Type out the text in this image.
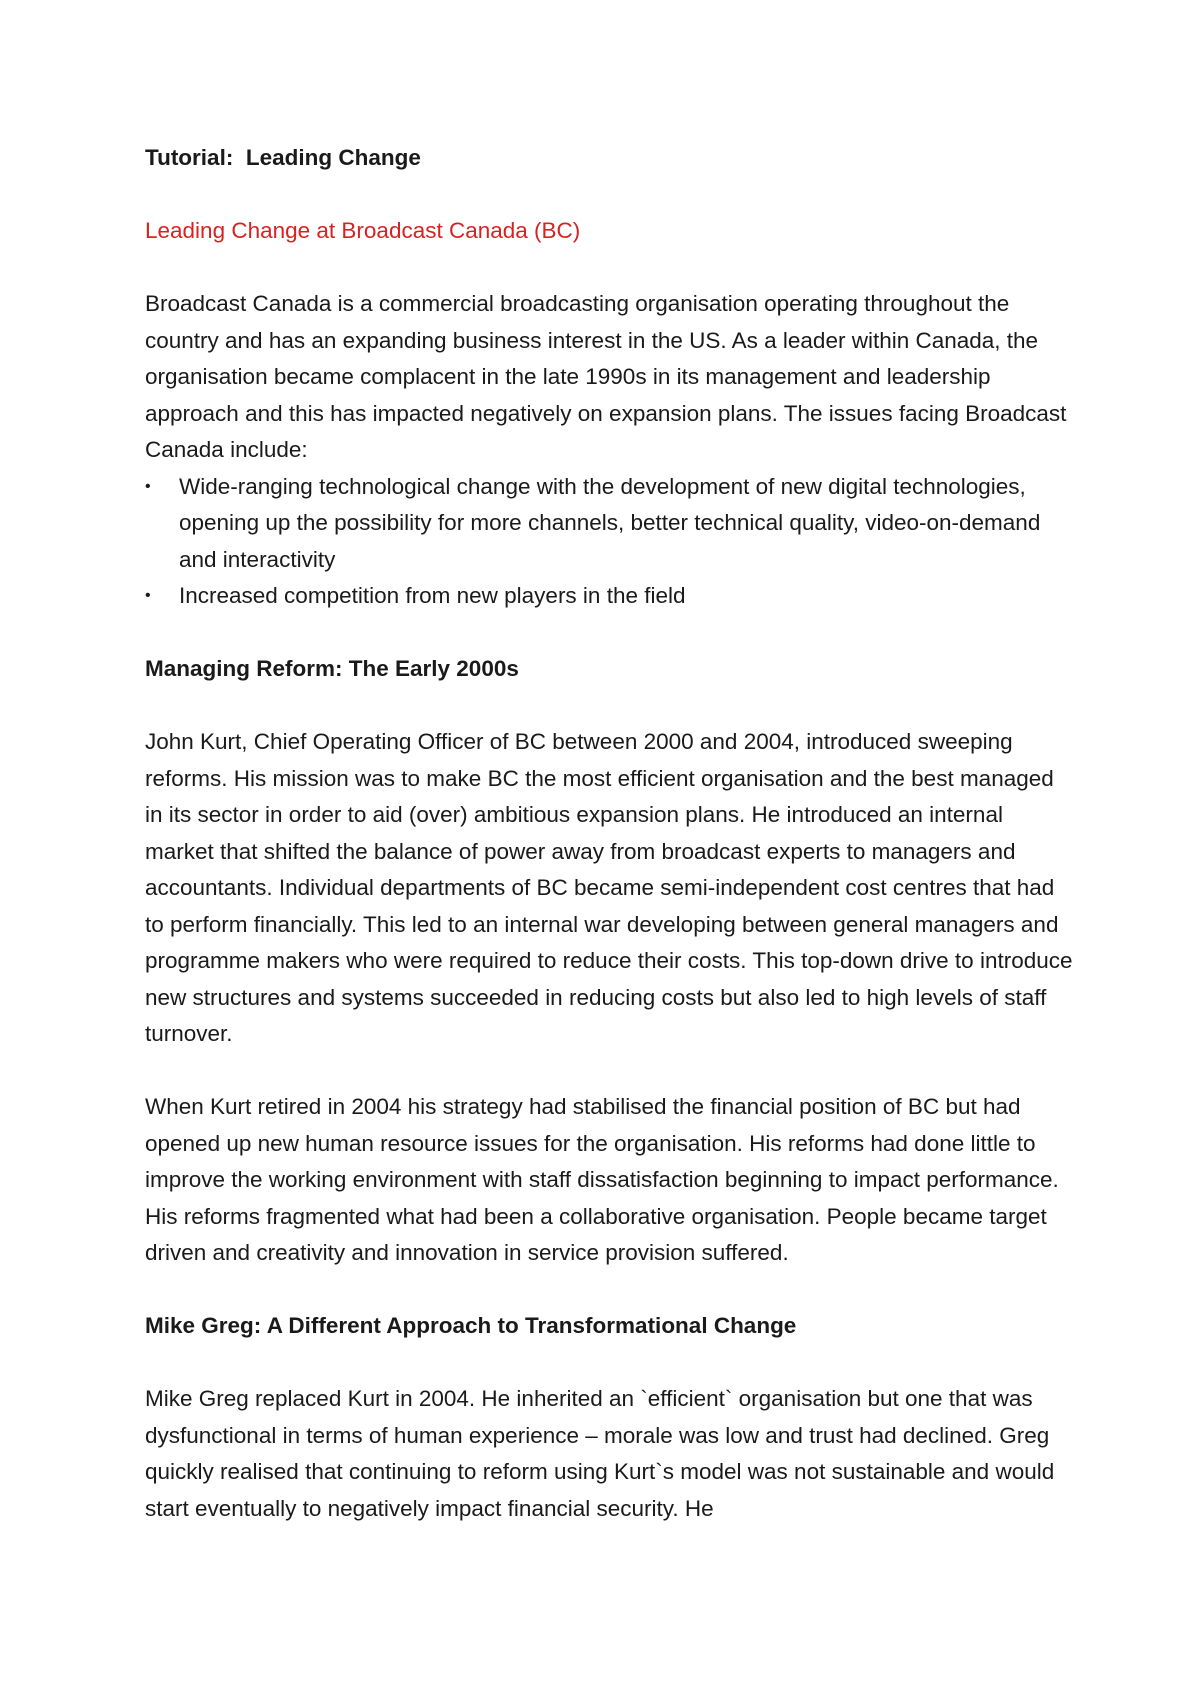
Tutorial:  Leading Change

Leading Change at Broadcast Canada (BC)

Broadcast Canada is a commercial broadcasting organisation operating throughout the country and has an expanding business interest in the US. As a leader within Canada, the organisation became complacent in the late 1990s in its management and leadership approach and this has impacted negatively on expansion plans. The issues facing Broadcast Canada include:

•	Wide-ranging technological change with the development of new digital technologies, opening up the possibility for more channels, better technical quality, video-on-demand and interactivity
•	Increased competition from new players in the field

Managing Reform: The Early 2000s

John Kurt, Chief Operating Officer of BC between 2000 and 2004, introduced sweeping reforms. His mission was to make BC the most efficient organisation and the best managed in its sector in order to aid (over) ambitious expansion plans. He introduced an internal market that shifted the balance of power away from broadcast experts to managers and accountants. Individual departments of BC became semi-independent cost centres that had to perform financially. This led to an internal war developing between general managers and programme makers who were required to reduce their costs. This top-down drive to introduce new structures and systems succeeded in reducing costs but also led to high levels of staff turnover.

When Kurt retired in 2004 his strategy had stabilised the financial position of BC but had opened up new human resource issues for the organisation. His reforms had done little to improve the working environment with staff dissatisfaction beginning to impact performance. His reforms fragmented what had been a collaborative organisation. People became target driven and creativity and innovation in service provision suffered.

Mike Greg: A Different Approach to Transformational Change

Mike Greg replaced Kurt in 2004. He inherited an `efficient` organisation but one that was dysfunctional in terms of human experience – morale was low and trust had declined. Greg quickly realised that continuing to reform using Kurt`s model was not sustainable and would start eventually to negatively impact financial security. He
